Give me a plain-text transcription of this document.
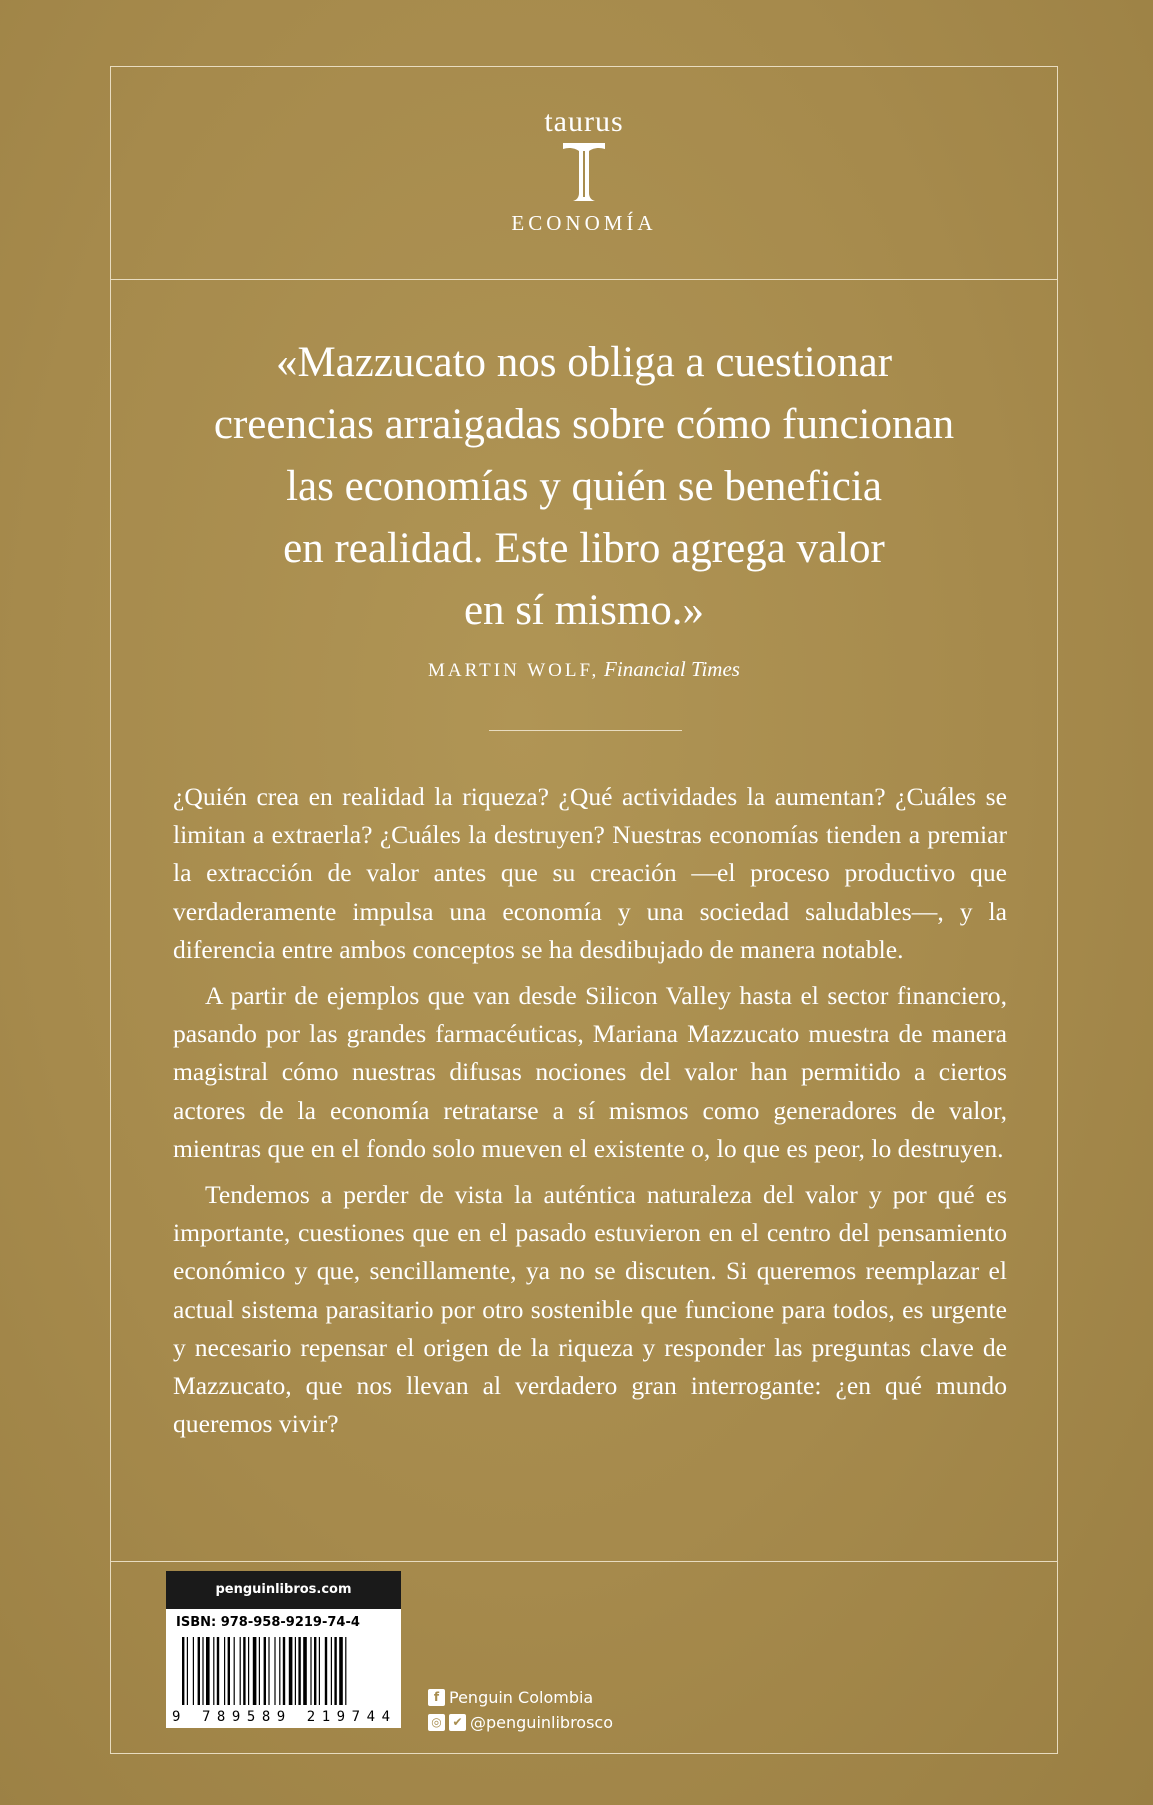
taurus
ECONOMÍA
«Mazzucato nos obliga a cuestionar
creencias arraigadas sobre cómo funcionan
las economías y quién se beneficia
en realidad. Este libro agrega valor
en sí mismo.»
MARTIN WOLF, Financial Times

¿Quién crea en realidad la riqueza? ¿Qué actividades la aumentan? ¿Cuáles se limitan a extraerla? ¿Cuáles la destruyen? Nuestras economías tienden a premiar la extracción de valor antes que su creación —el proceso productivo que verdaderamente impulsa una economía y una sociedad saludables—, y la diferencia entre ambos conceptos se ha desdibujado de manera notable.

A partir de ejemplos que van desde Silicon Valley hasta el sector financiero, pasando por las grandes farmacéuticas, Mariana Mazzucato muestra de manera magistral cómo nuestras difusas nociones del valor han permitido a ciertos actores de la economía retratarse a sí mismos como generadores de valor, mientras que en el fondo solo mueven el existente o, lo que es peor, lo destruyen.

Tendemos a perder de vista la auténtica naturaleza del valor y por qué es importante, cuestiones que en el pasado estuvieron en el centro del pensamiento económico y que, sencillamente, ya no se discuten. Si queremos reemplazar el actual sistema parasitario por otro sostenible que funcione para todos, es urgente y necesario repensar el origen de la riqueza y responder las preguntas clave de Mazzucato, que nos llevan al verdadero gran interrogante: ¿en qué mundo queremos vivir?

penguinlibros.com
ISBN: 978-958-9219-74-4
9 789589 219744
f Penguin Colombia
◎ ✔ @penguinlibrosco
